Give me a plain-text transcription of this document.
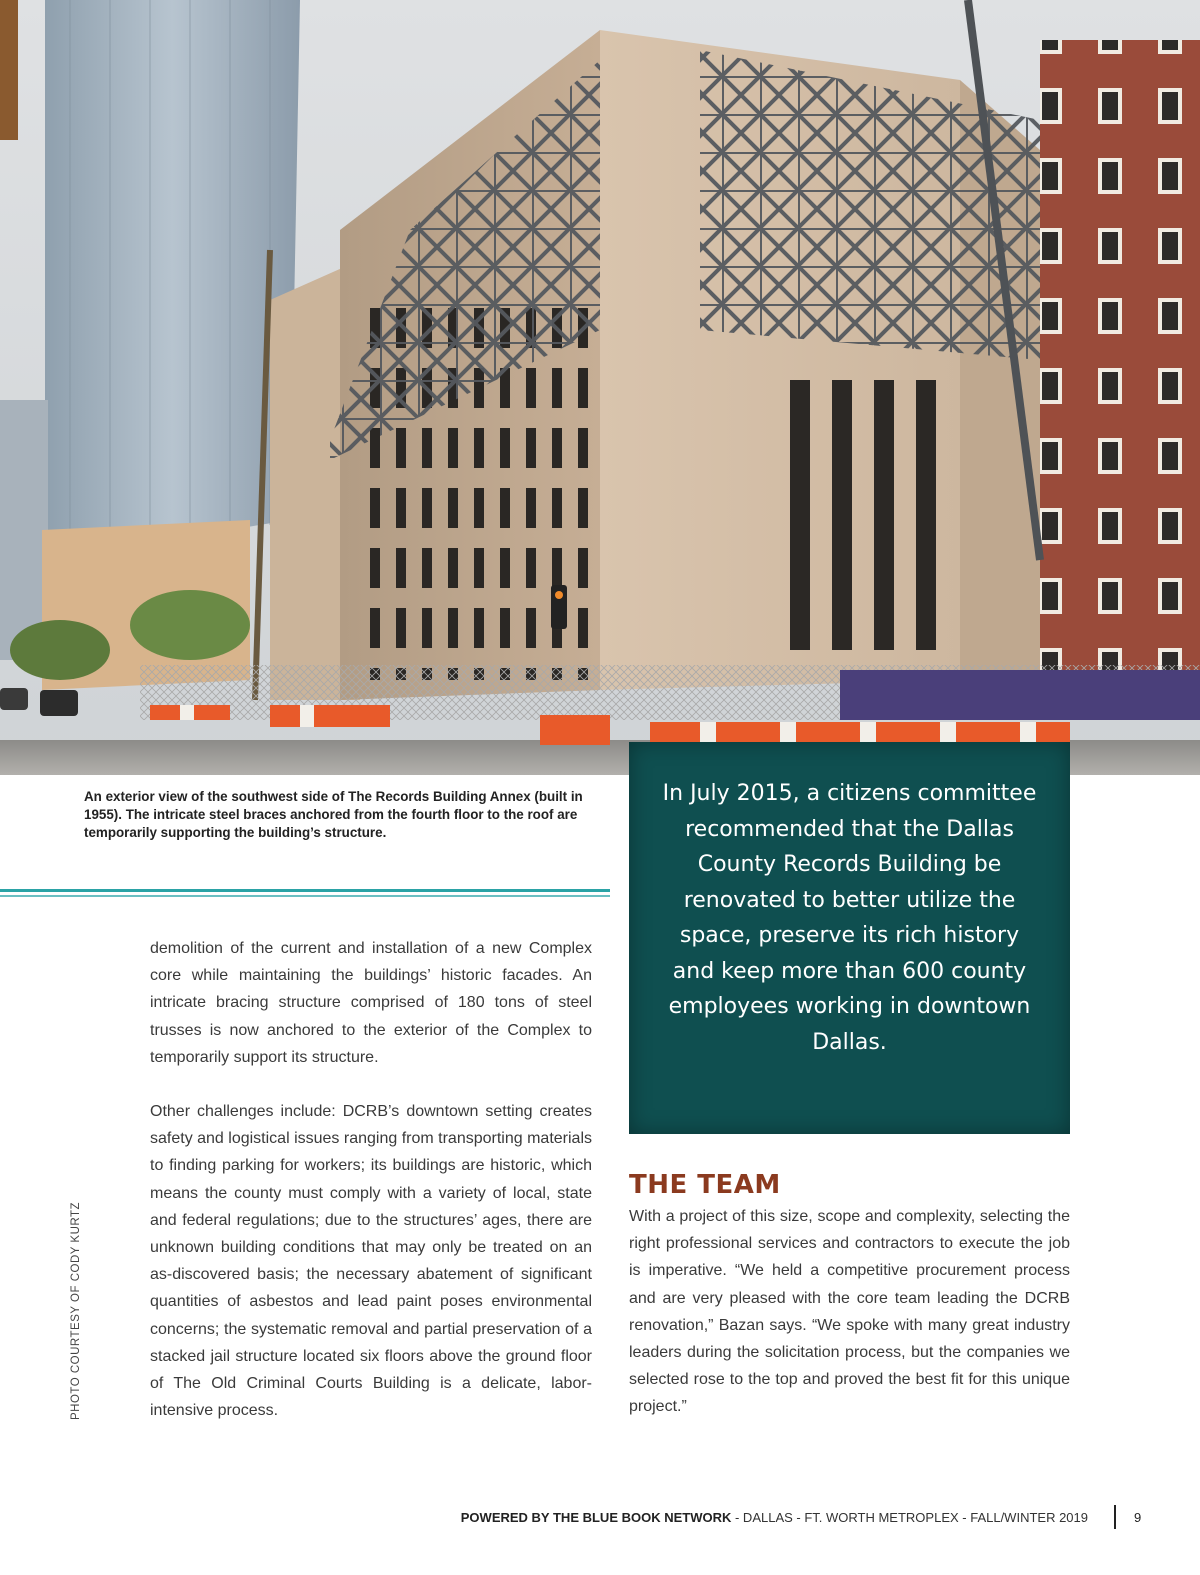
An exterior view of the southwest side of The Records Building Annex (built in 1955). The intricate steel braces anchored from the fourth floor to the roof are temporarily supporting the building’s structure.

In July 2015, a citizens committee recommended that the Dallas County Records Building be renovated to better utilize the space, preserve its rich history and keep more than 600 county employees working in downtown Dallas.

demolition of the current and installation of a new Complex core while maintaining the buildings’ historic facades. An intricate bracing structure comprised of 180 tons of steel trusses is now anchored to the exterior of the Complex to temporarily support its structure.

Other challenges include: DCRB’s downtown setting creates safety and logistical issues ranging from transporting materials to finding parking for workers; its buildings are historic, which means the county must comply with a variety of local, state and federal regulations; due to the structures’ ages, there are unknown building conditions that may only be treated on an as-discovered basis; the necessary abatement of significant quantities of asbestos and lead paint poses environmental concerns; the systematic removal and partial preservation of a stacked jail structure located six floors above the ground floor of The Old Criminal Courts Building is a delicate, labor-intensive process.

THE TEAM

With a project of this size, scope and complexity, selecting the right professional services and contractors to execute the job is imperative. “We held a competitive procurement process and are very pleased with the core team leading the DCRB renovation,” Bazan says. “We spoke with many great industry leaders during the solicitation process, but the companies we selected rose to the top and proved the best fit for this unique project.”

PHOTO COURTESY OF CODY KURTZ
POWERED BY THE BLUE BOOK NETWORK - DALLAS - FT. WORTH METROPLEX - FALL/WINTER 2019	9
